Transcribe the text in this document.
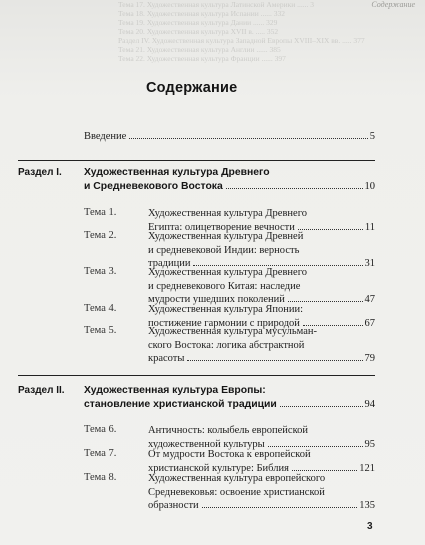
Содержание
Тема 17. Художественная культура Латинской Америки ...... 3
Тема 18. Художественная культура Испании ...... 332
Тема 19. Художественная культура Дании ...... 329
Тема 20. Художественная культура XVII в. ..... 352
Раздел IV. Художественная культура Западной Европы XVIII–XIX вв. ..... 377
Тема 21. Художественная культура Англии ...... 385
Тема 22. Художественная культура Франции ...... 397
Содержание
Введение	5
Раздел I. Художественная культура Древнего
и Средневекового Востока	10
Тема 1.	Художественная культура Древнего
Египта: олицетворение вечности	11
Тема 2.	Художественная культура Древней
и средневековой Индии: верность
традиции	31
Тема 3.	Художественная культура Древнего
и средневекового Китая: наследие
мудрости ушедших поколений	47
Тема 4.	Художественная культура Японии:
постижение гармонии с природой	67
Тема 5.	Художественная культура мусульман-
ского Востока: логика абстрактной
красоты	79
Раздел II. Художественная культура Европы:
становление христианской традиции	94
Тема 6.	Античность: колыбель европейской
художественной культуры	95
Тема 7.	От мудрости Востока к европейской
христианской культуре: Библия	121
Тема 8.	Художественная культура европейского
Средневековья: освоение христианской
образности	135
3
